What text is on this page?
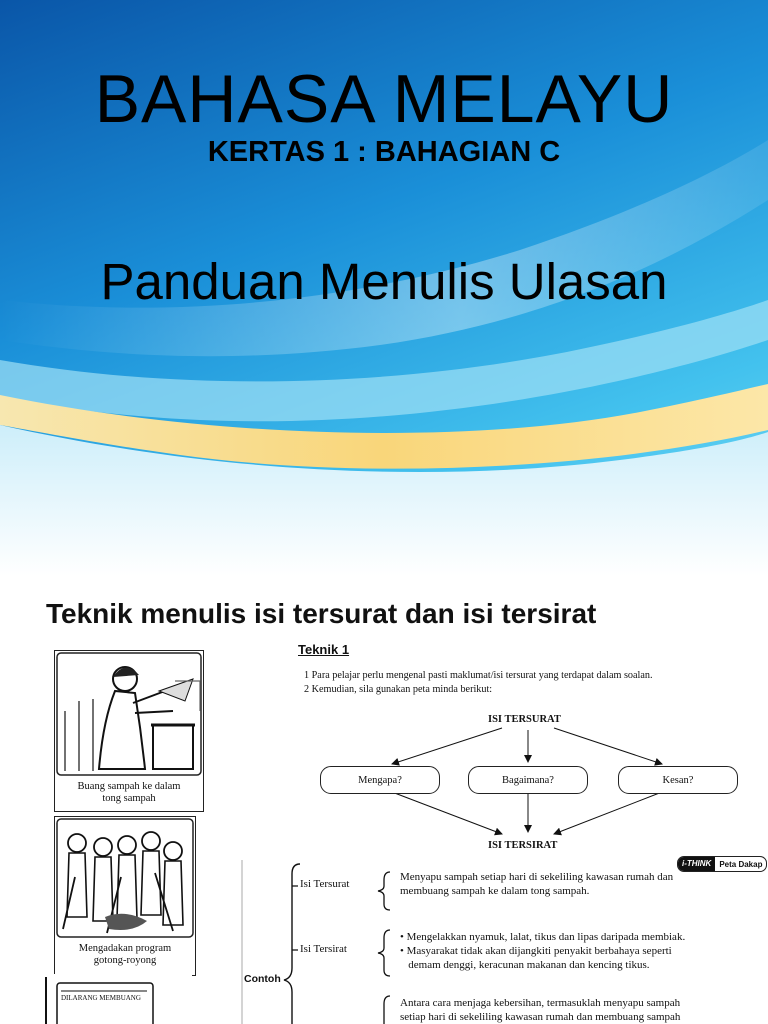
BAHASA MELAYU
KERTAS 1 : BAHAGIAN C
Panduan Menulis Ulasan
Teknik menulis isi tersurat dan isi tersirat
Buang sampah ke dalam
tong sampah
Mengadakan program
gotong-royong
DILARANG MEMBUANG
Teknik 1
1 Para pelajar perlu mengenal pasti maklumat/isi tersurat yang terdapat dalam soalan.
2 Kemudian, sila gunakan peta minda berikut:
ISI TERSURAT
Mengapa?	Bagaimana?	Kesan?
ISI TERSIRAT
i-THINK	Peta Dakap
Isi Tersurat
Isi Tersirat
Contoh
Menyapu sampah setiap hari di sekeliling kawasan rumah dan
membuang sampah ke dalam tong sampah.
• Mengelakkan nyamuk, lalat, tikus dan lipas daripada membiak.
• Masyarakat tidak akan dijangkiti penyakit berbahaya seperti
demam denggi, keracunan makanan dan kencing tikus.
Antara cara menjaga kebersihan, termasuklah menyapu sampah
setiap hari di sekeliling kawasan rumah dan membuang sampah
